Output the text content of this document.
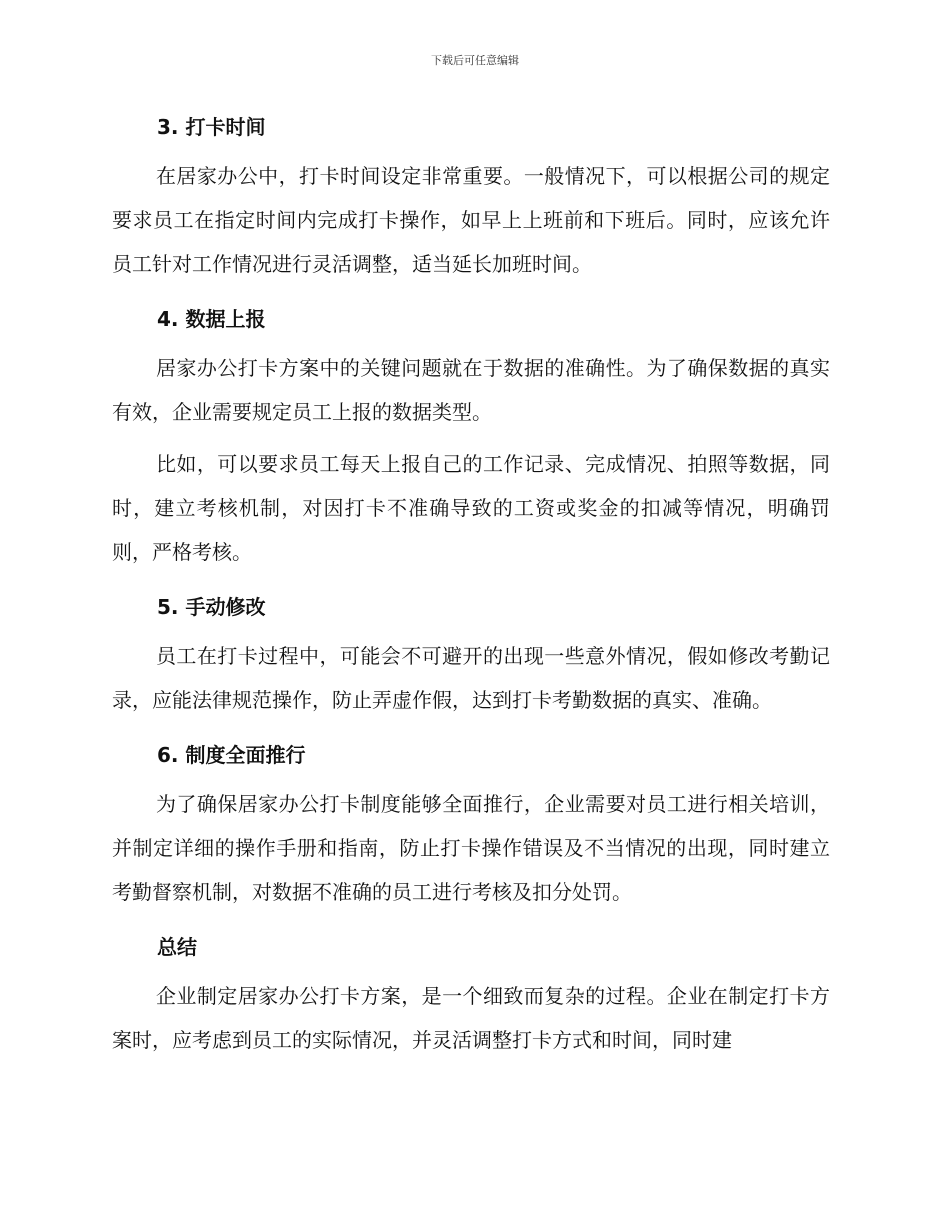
下载后可任意编辑
3. 打卡时间

在居家办公中，打卡时间设定非常重要。一般情况下，可以根据公司的规定要求员工在指定时间内完成打卡操作，如早上上班前和下班后。同时，应该允许员工针对工作情况进行灵活调整，适当延长加班时间。

4. 数据上报

居家办公打卡方案中的关键问题就在于数据的准确性。为了确保数据的真实有效，企业需要规定员工上报的数据类型。

比如，可以要求员工每天上报自己的工作记录、完成情况、拍照等数据，同时，建立考核机制，对因打卡不准确导致的工资或奖金的扣减等情况，明确罚则，严格考核。

5. 手动修改

员工在打卡过程中，可能会不可避开的出现一些意外情况，假如修改考勤记录，应能法律规范操作，防止弄虚作假，达到打卡考勤数据的真实、准确。

6. 制度全面推行

为了确保居家办公打卡制度能够全面推行，企业需要对员工进行相关培训，并制定详细的操作手册和指南，防止打卡操作错误及不当情况的出现，同时建立考勤督察机制，对数据不准确的员工进行考核及扣分处罚。

总结

企业制定居家办公打卡方案，是一个细致而复杂的过程。企业在制定打卡方案时，应考虑到员工的实际情况，并灵活调整打卡方式和时间，同时建
